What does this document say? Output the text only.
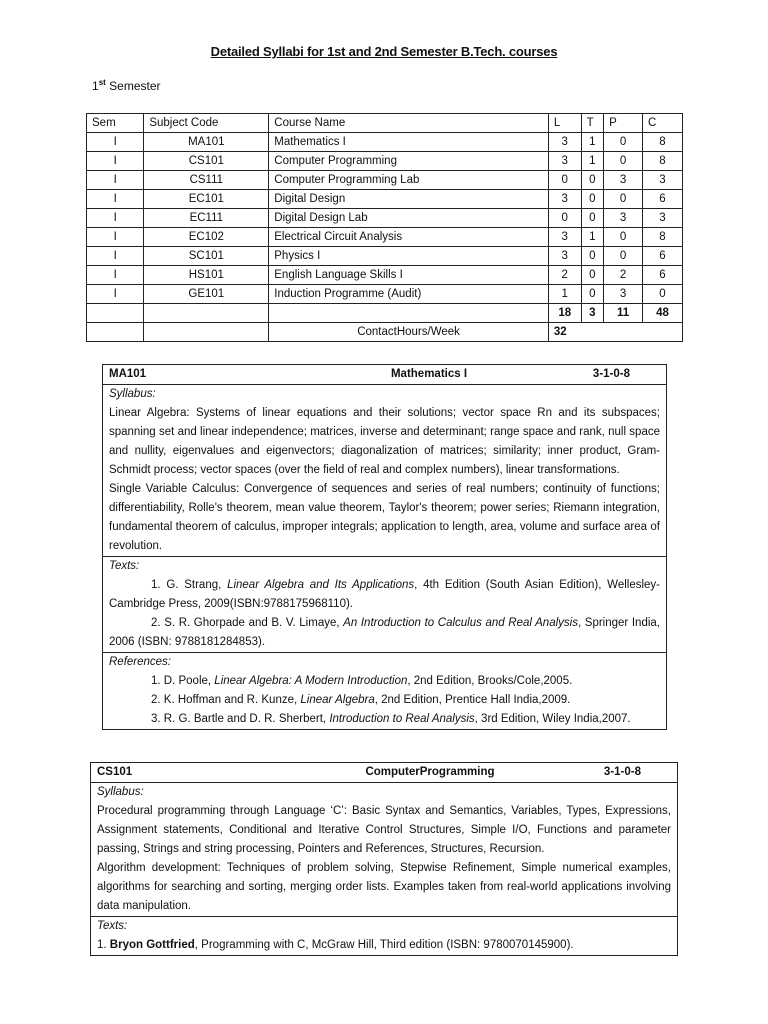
Detailed Syllabi for 1st and 2nd Semester B.Tech. courses
1st Semester
Sem	Subject Code	Course Name	L	T	P	C
I	MA101	Mathematics I	3	1	0	8
I	CS101	Computer Programming	3	1	0	8
I	CS111	Computer Programming Lab	0	0	3	3
I	EC101	Digital Design	3	0	0	6
I	EC111	Digital Design Lab	0	0	3	3
I	EC102	Electrical Circuit Analysis	3	1	0	8
I	SC101	Physics I	3	0	0	6
I	HS101	English Language Skills I	2	0	2	6
I	GE101	Induction Programme (Audit)	1	0	3	0
			18	3	11	48
		ContactHours/Week	32			
MA101	Mathematics I	3-1-0-8
Syllabus:
Linear Algebra: Systems of linear equations and their solutions; vector space Rn and its subspaces; spanning set and linear independence; matrices, inverse and determinant; range space and rank, null space and nullity, eigenvalues and eigenvectors; diagonalization of matrices; similarity; inner product, Gram-Schmidt process; vector spaces (over the field of real and complex numbers), linear transformations.
Single Variable Calculus: Convergence of sequences and series of real numbers; continuity of functions; differentiability, Rolle's theorem, mean value theorem, Taylor's theorem; power series; Riemann integration, fundamental theorem of calculus, improper integrals; application to length, area, volume and surface area of revolution.
Texts:
1. G. Strang, Linear Algebra and Its Applications, 4th Edition (South Asian Edition), Wellesley-Cambridge Press, 2009(ISBN:9788175968110).
2. S. R. Ghorpade and B. V. Limaye, An Introduction to Calculus and Real Analysis, Springer India, 2006 (ISBN: 9788181284853).
References:
1. D. Poole, Linear Algebra: A Modern Introduction, 2nd Edition, Brooks/Cole,2005.
2. K. Hoffman and R. Kunze, Linear Algebra, 2nd Edition, Prentice Hall India,2009.
3. R. G. Bartle and D. R. Sherbert, Introduction to Real Analysis, 3rd Edition, Wiley India,2007.
CS101	ComputerProgramming	3-1-0-8
Syllabus:
Procedural programming through Language ‘C’: Basic Syntax and Semantics, Variables, Types, Expressions, Assignment statements, Conditional and Iterative Control Structures, Simple I/O, Functions and parameter passing, Strings and string processing, Pointers and References, Structures, Recursion.
Algorithm development: Techniques of problem solving, Stepwise Refinement, Simple numerical examples, algorithms for searching and sorting, merging order lists. Examples taken from real-world applications involving data manipulation.
Texts:
1. Bryon Gottfried, Programming with C, McGraw Hill, Third edition (ISBN: 9780070145900).
